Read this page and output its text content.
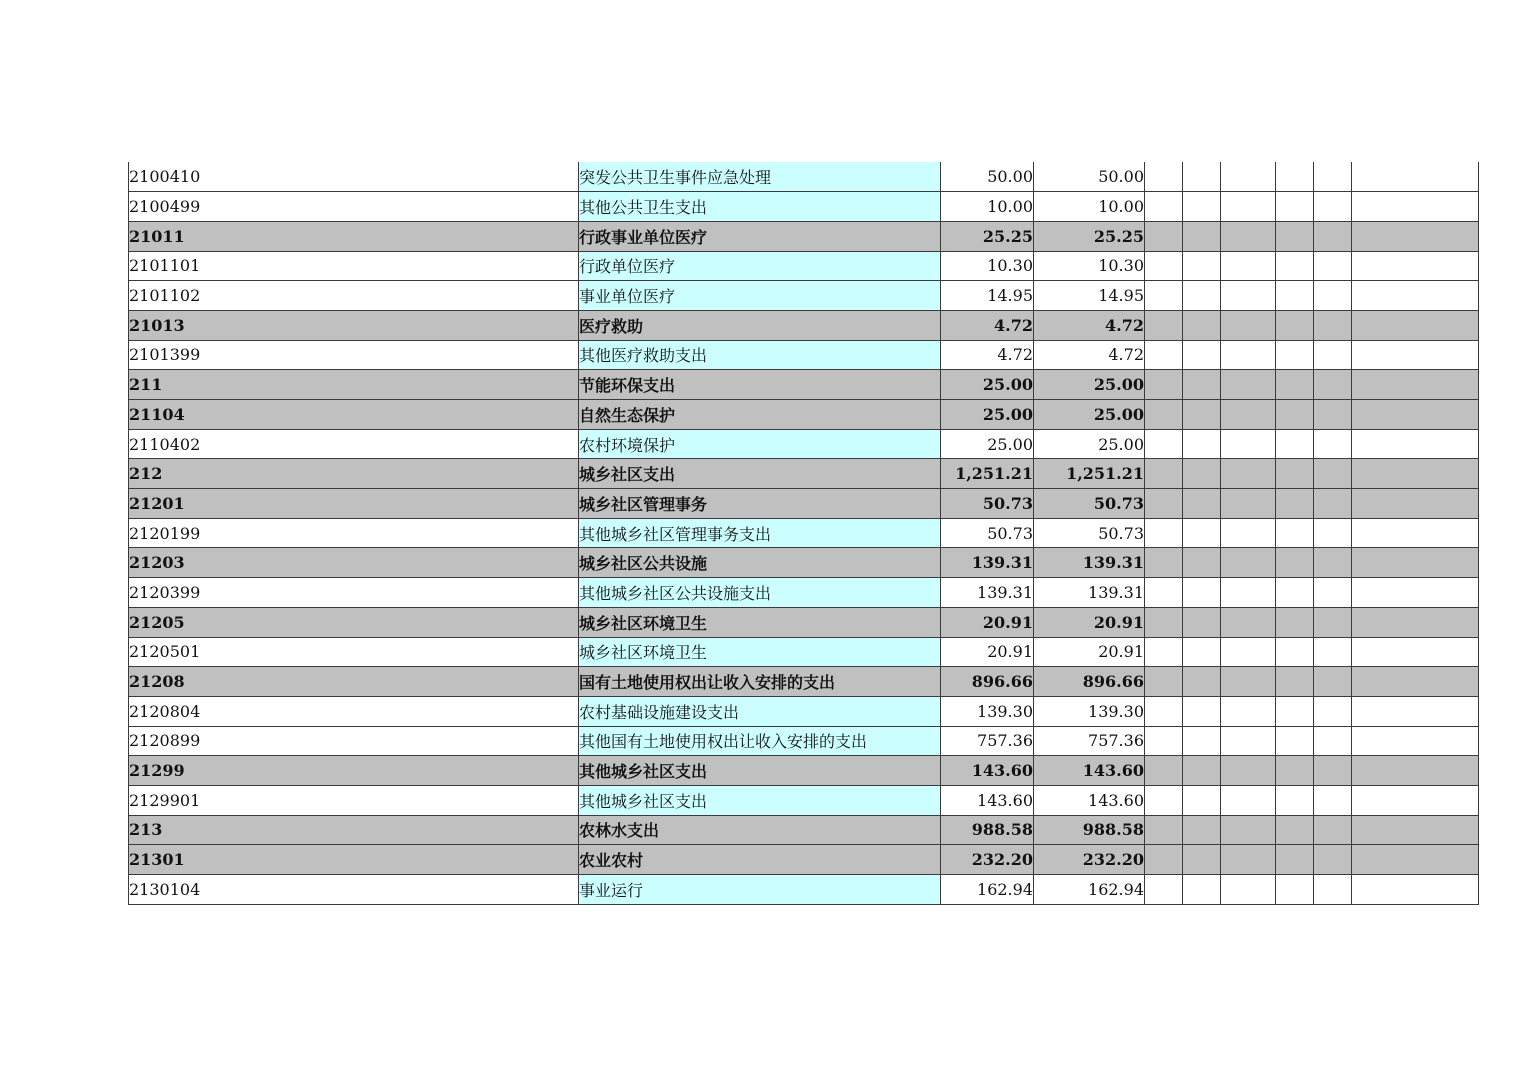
2100410	突发公共卫生事件应急处理	50.00	50.00						
2100499	其他公共卫生支出	10.00	10.00						
21011	行政事业单位医疗	25.25	25.25						
2101101	行政单位医疗	10.30	10.30						
2101102	事业单位医疗	14.95	14.95						
21013	医疗救助	4.72	4.72						
2101399	其他医疗救助支出	4.72	4.72						
211	节能环保支出	25.00	25.00						
21104	自然生态保护	25.00	25.00						
2110402	农村环境保护	25.00	25.00						
212	城乡社区支出	1,251.21	1,251.21						
21201	城乡社区管理事务	50.73	50.73						
2120199	其他城乡社区管理事务支出	50.73	50.73						
21203	城乡社区公共设施	139.31	139.31						
2120399	其他城乡社区公共设施支出	139.31	139.31						
21205	城乡社区环境卫生	20.91	20.91						
2120501	城乡社区环境卫生	20.91	20.91						
21208	国有土地使用权出让收入安排的支出	896.66	896.66						
2120804	农村基础设施建设支出	139.30	139.30						
2120899	其他国有土地使用权出让收入安排的支出	757.36	757.36						
21299	其他城乡社区支出	143.60	143.60						
2129901	其他城乡社区支出	143.60	143.60						
213	农林水支出	988.58	988.58						
21301	农业农村	232.20	232.20						
2130104	事业运行	162.94	162.94						
